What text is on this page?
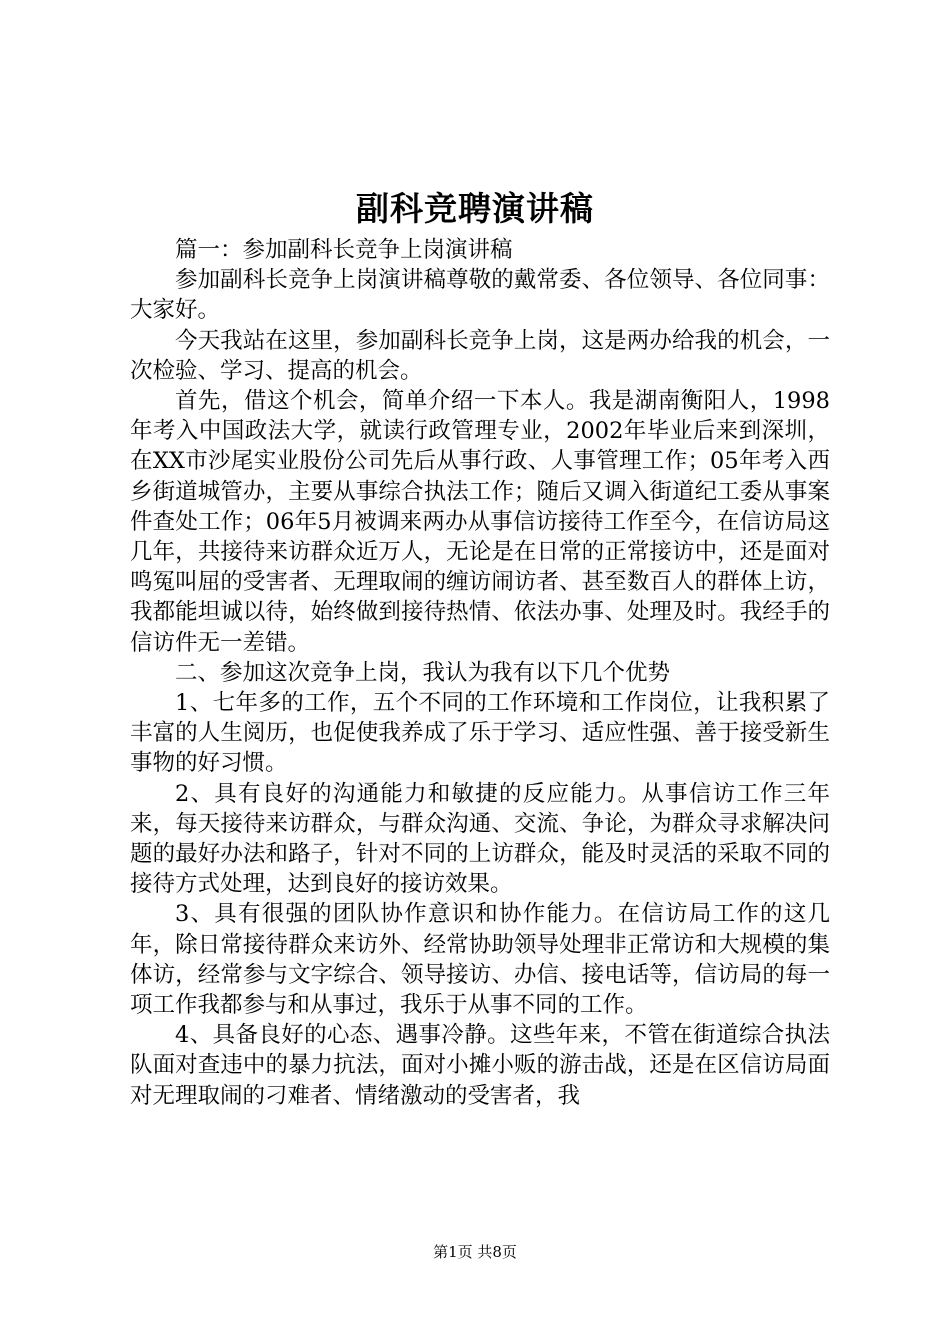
副科竞聘演讲稿

篇一：参加副科长竞争上岗演讲稿

参加副科长竞争上岗演讲稿尊敬的戴常委、各位领导、各位同事：大家好。

今天我站在这里，参加副科长竞争上岗，这是两办给我的机会，一次检验、学习、提高的机会。

首先，借这个机会，简单介绍一下本人。我是湖南衡阳人，1998年考入中国政法大学，就读行政管理专业，2002年毕业后来到深圳，在XX市沙尾实业股份公司先后从事行政、人事管理工作；05年考入西乡街道城管办，主要从事综合执法工作；随后又调入街道纪工委从事案件查处工作；06年5月被调来两办从事信访接待工作至今，在信访局这几年，共接待来访群众近万人，无论是在日常的正常接访中，还是面对鸣冤叫屈的受害者、无理取闹的缠访闹访者、甚至数百人的群体上访，我都能坦诚以待，始终做到接待热情、依法办事、处理及时。我经手的信访件无一差错。

二、参加这次竞争上岗，我认为我有以下几个优势

1、七年多的工作，五个不同的工作环境和工作岗位，让我积累了丰富的人生阅历，也促使我养成了乐于学习、适应性强、善于接受新生事物的好习惯。

2、具有良好的沟通能力和敏捷的反应能力。从事信访工作三年来，每天接待来访群众，与群众沟通、交流、争论，为群众寻求解决问题的最好办法和路子，针对不同的上访群众，能及时灵活的采取不同的接待方式处理，达到良好的接访效果。

3、具有很强的团队协作意识和协作能力。在信访局工作的这几年，除日常接待群众来访外、经常协助领导处理非正常访和大规模的集体访，经常参与文字综合、领导接访、办信、接电话等，信访局的每一项工作我都参与和从事过，我乐于从事不同的工作。

4、具备良好的心态、遇事冷静。这些年来，不管在街道综合执法队面对查违中的暴力抗法，面对小摊小贩的游击战，还是在区信访局面对无理取闹的刁难者、情绪激动的受害者，我

第1页 共8页
